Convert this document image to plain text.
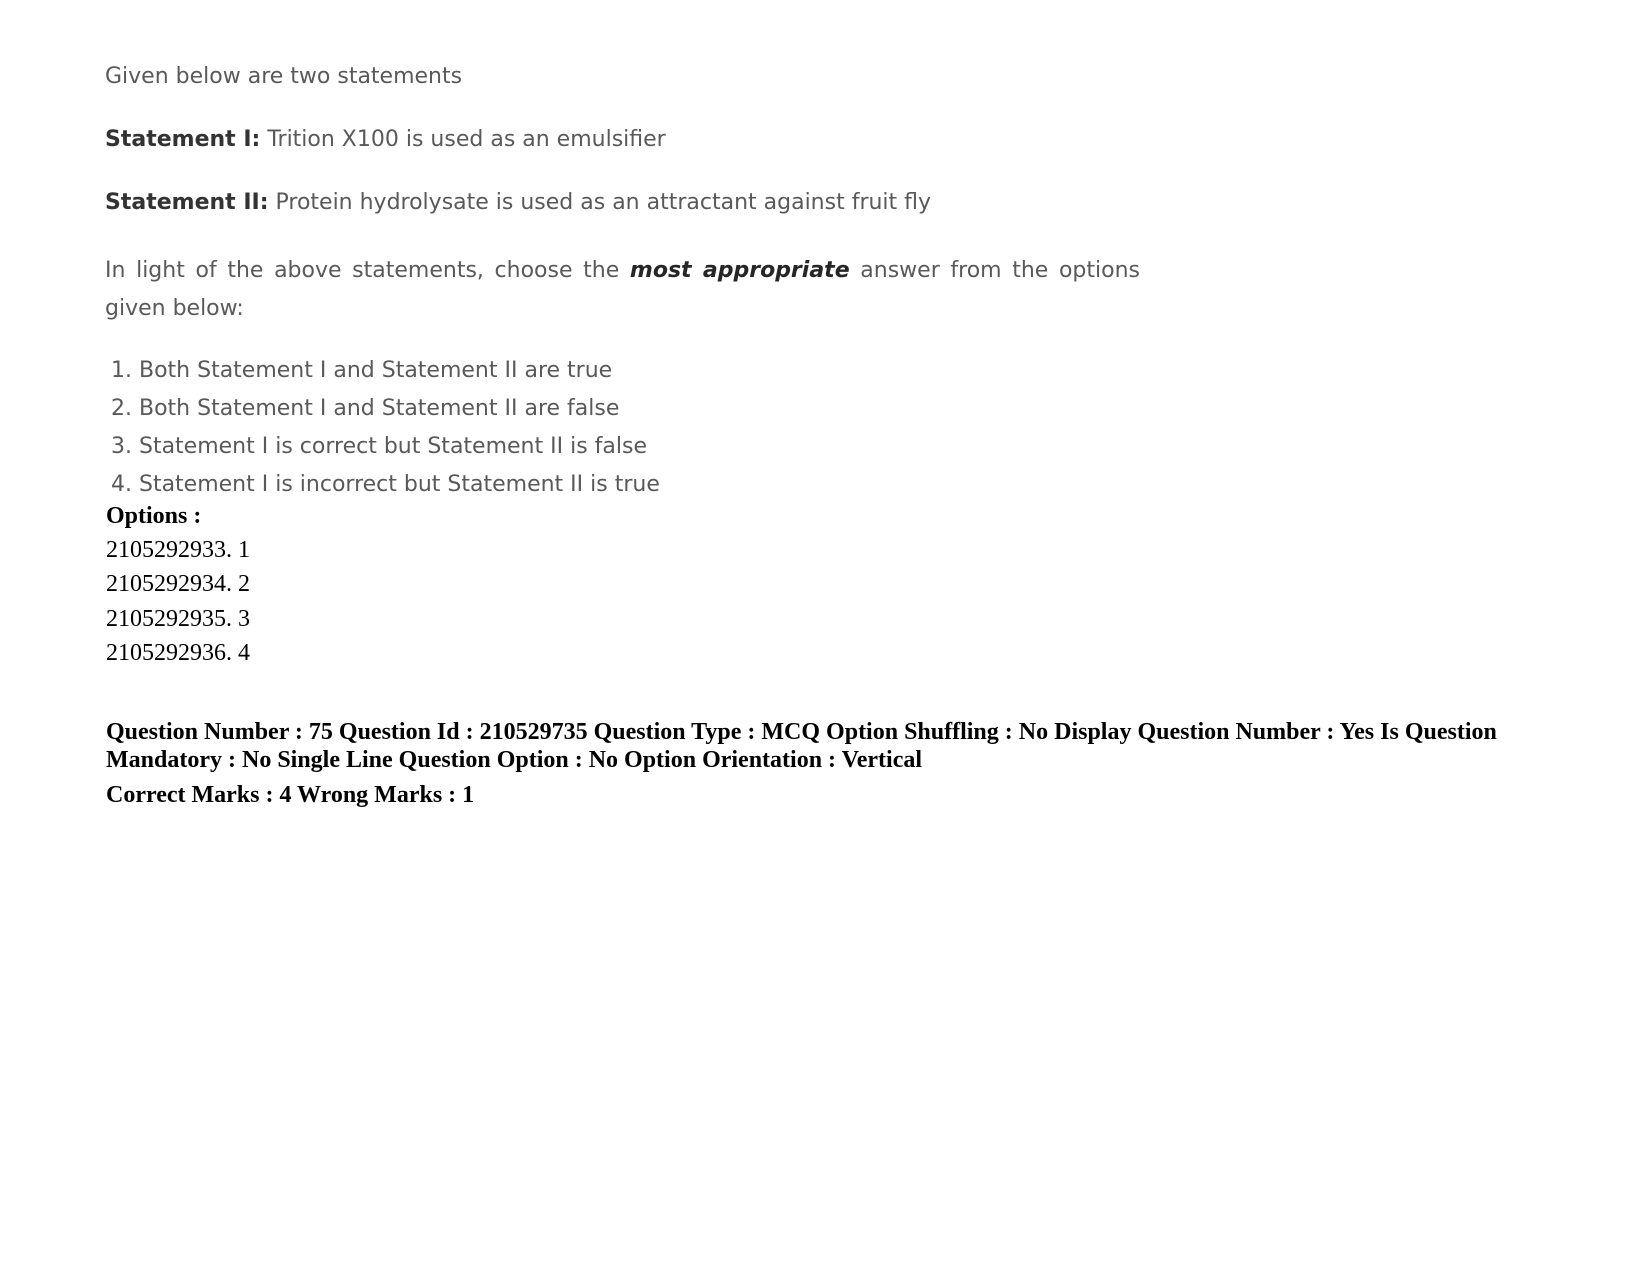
Given below are two statements
Statement I: Trition X100 is used as an emulsifier
Statement II: Protein hydrolysate is used as an attractant against fruit fly
In light of the above statements, choose the most appropriate answer from the options given below:
1. Both Statement I and Statement II are true
2. Both Statement I and Statement II are false
3. Statement I is correct but Statement II is false
4. Statement I is incorrect but Statement II is true
Options :
2105292933. 1
2105292934. 2
2105292935. 3
2105292936. 4
Question Number : 75 Question Id : 210529735 Question Type : MCQ Option Shuffling : No Display Question Number : Yes Is Question Mandatory : No Single Line Question Option : No Option Orientation : Vertical
Correct Marks : 4 Wrong Marks : 1
